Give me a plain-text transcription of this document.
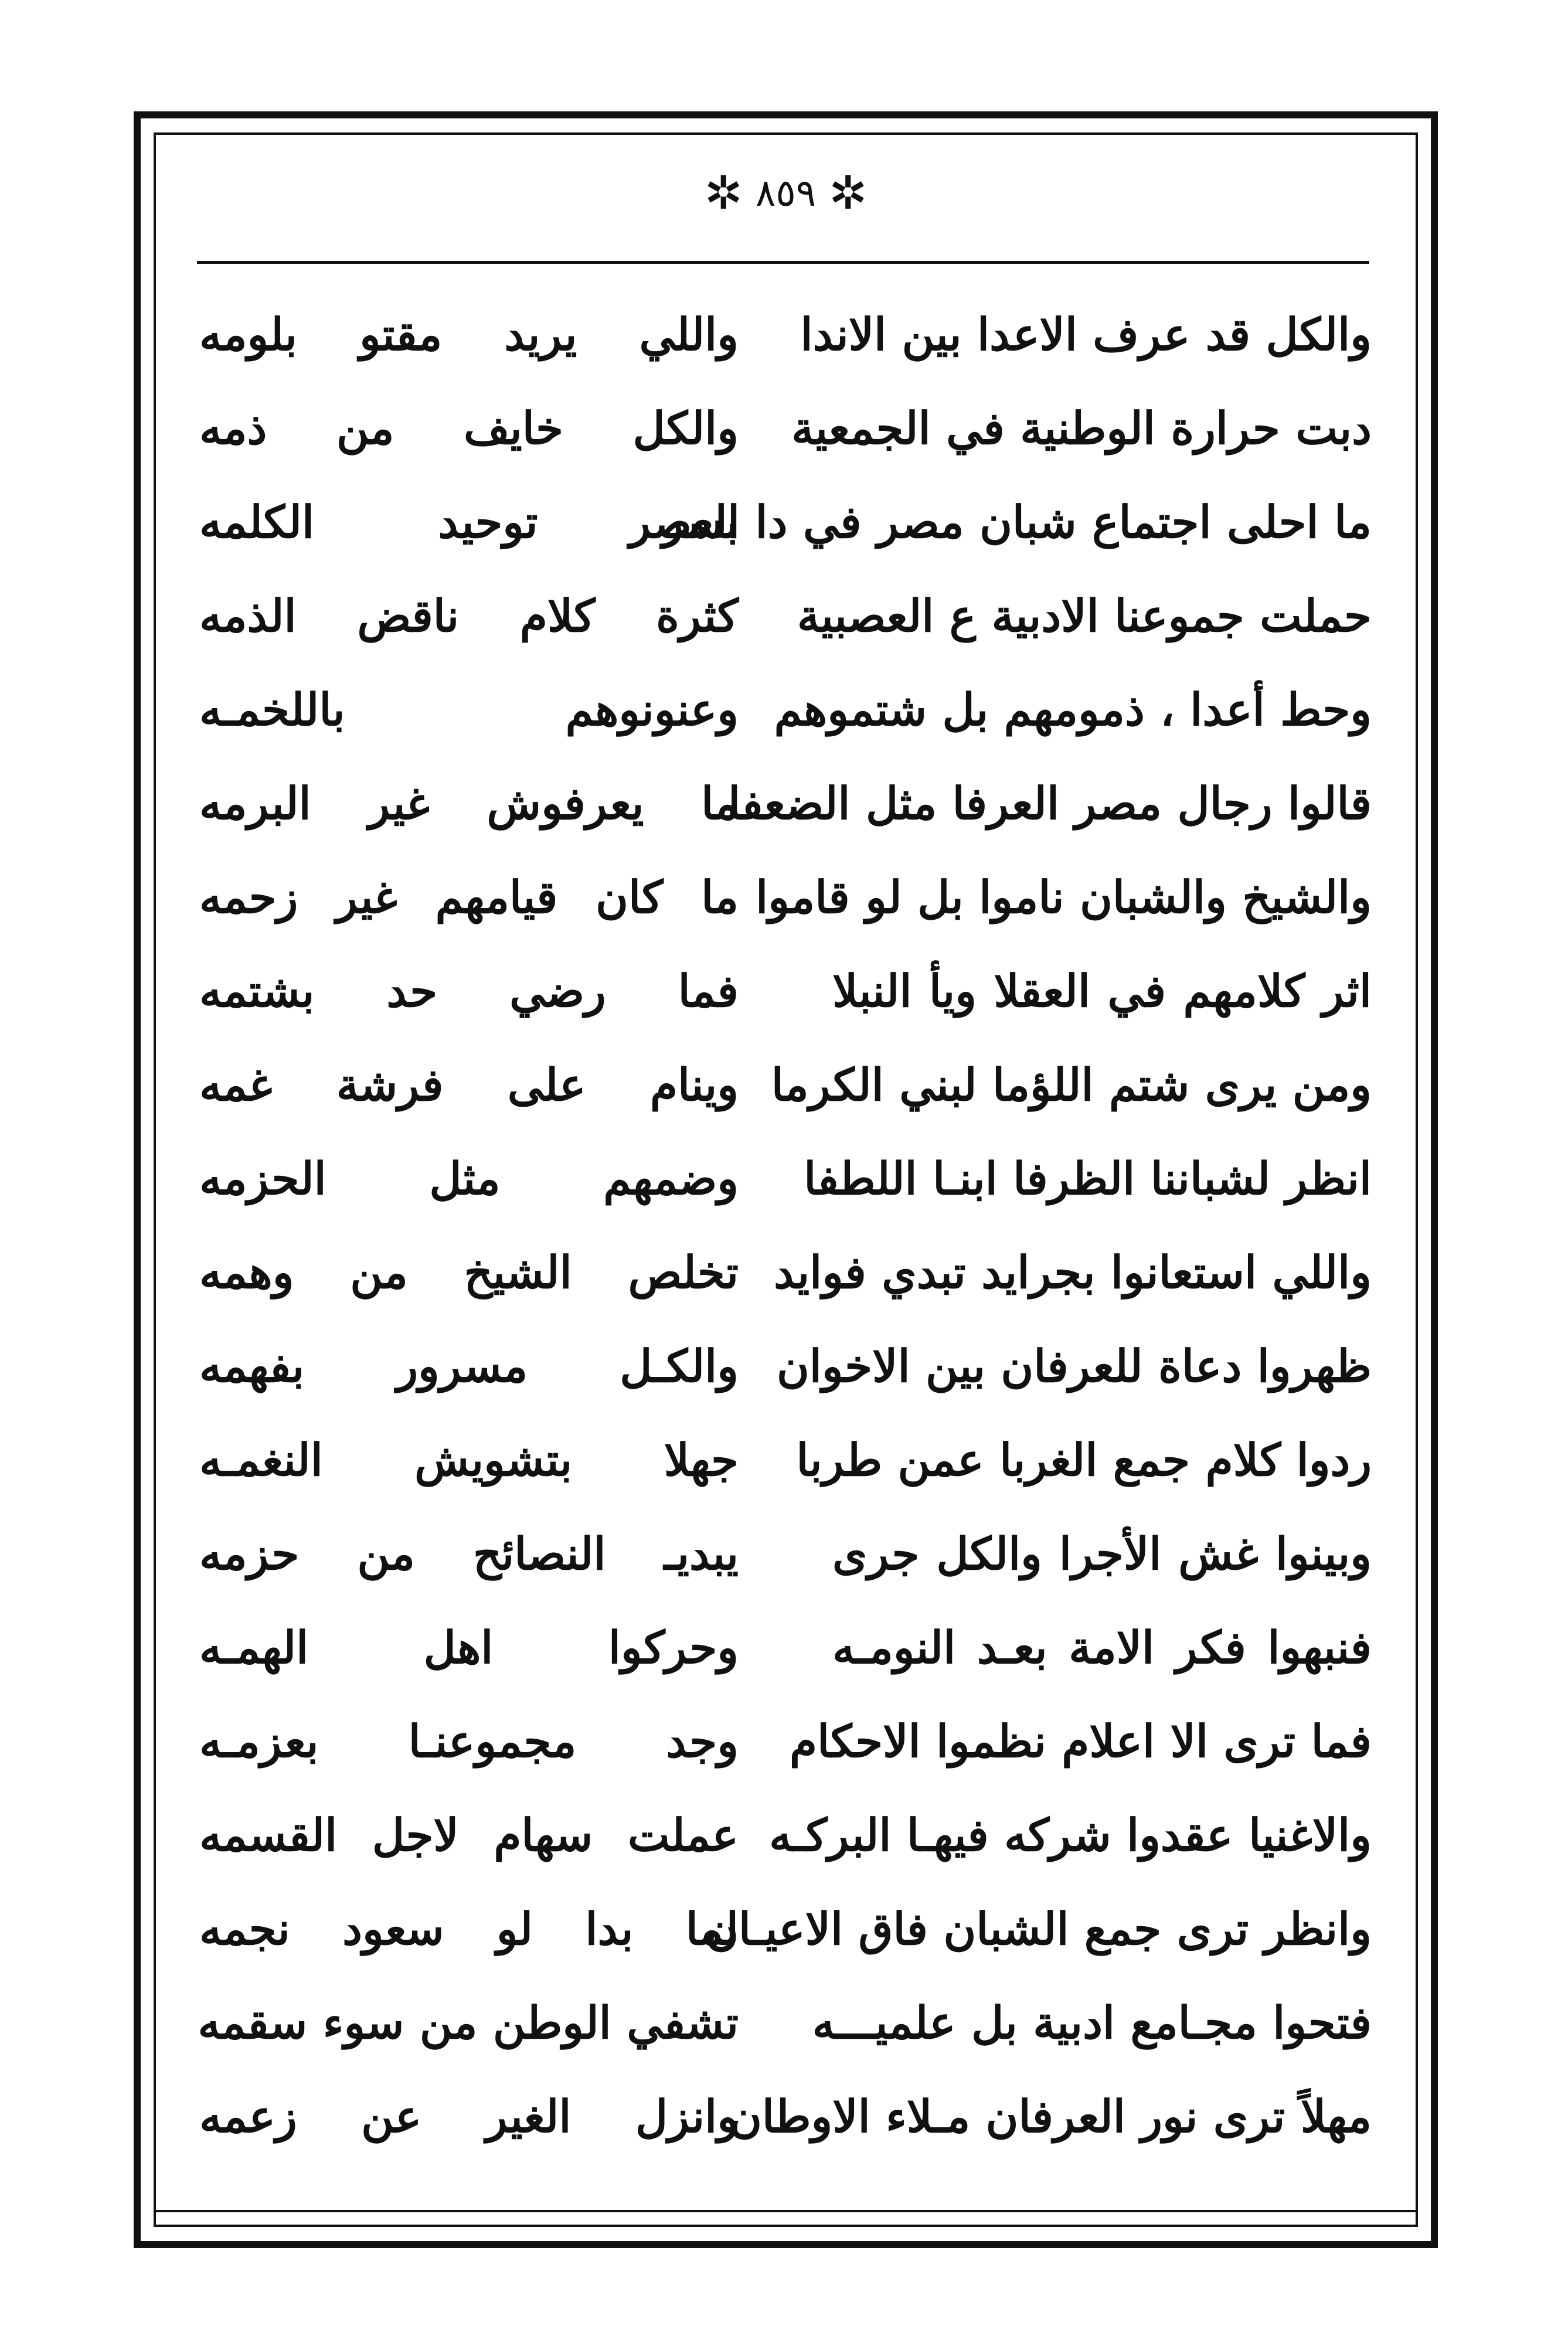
✲ ٨٥٩ ✲
والكل قد عرف الاعدا بين الاندا
واللي يريد مقتو بلومه
دبت حرارة الوطنية في الجمعية
والكل خايف من ذمه
ما احلى اجتماع شبان مصر في دا العصر
بسر توحيد الكلمه
حملت جموعنا الادبية ع العصبية
كثرة كلام ناقض الذمه
وحط أعدا ، ذمومهم بل شتموهم
وعنونوهم باللخمـه
قالوا رجال مصر العرفا مثل الضعفا
ما يعرفوش غير البرمه
والشيخ والشبان ناموا بل لو قاموا
ما كان قيامهم غير زحمه
اثر كلامهم في العقلا ويأ النبلا
فما رضي حد بشتمه
ومن يرى شتم اللؤما لبني الكرما
وينام على فرشة غمه
انظر لشباننا الظرفا ابنـا اللطفا
وضمهم مثل الحزمه
واللي استعانوا بجرايد تبدي فوايد
تخلص الشيخ من وهمه
ظهروا دعاة للعرفان بين الاخوان
والكـل مسرور بفهمه
ردوا كلام جمع الغربا عمن طربا
جهلا بتشويش النغمـه
وبينوا غش الأجرا والكل جرى
يبديـ النصائح من حزمه
فنبهوا فكر الامة بعـد النومـه
وحركوا اهل الهمـه
فما ترى الا اعلام نظموا الاحكام
وجد مجموعنـا بعزمـه
والاغنيا عقدوا شركه فيهـا البركـه
عملت سهام لاجل القسمه
وانظر ترى جمع الشبان فاق الاعيـان
لما بدا لو سعود نجمه
فتحوا مجـامع ادبية بل علميـــه
تشفي الوطن من سوء سقمه
مهلاً ترى نور العرفان مـلاء الاوطان
وانزل الغير عن زعمه
